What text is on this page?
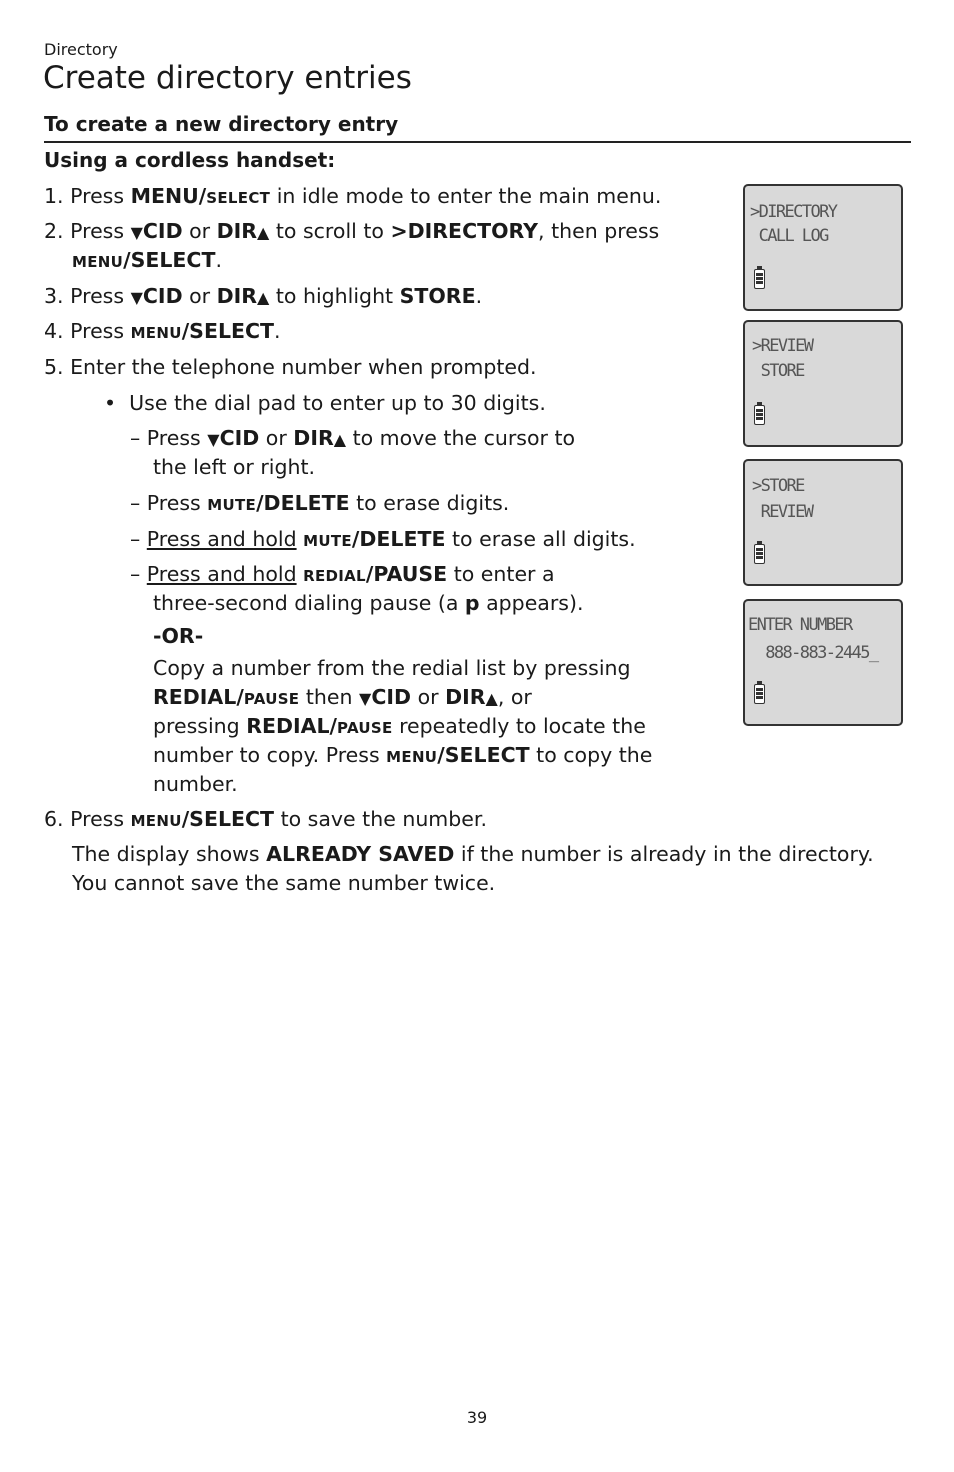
Directory
Create directory entries
To create a new directory entry
Using a cordless handset:
1. Press MENU/SELECT in idle mode to enter the main menu.
2. Press ▼CID or DIR▲ to scroll to >DIRECTORY, then press
MENU/SELECT.
3. Press ▼CID or DIR▲ to highlight STORE.
4. Press MENU/SELECT.
5. Enter the telephone number when prompted.
• Use the dial pad to enter up to 30 digits.
– Press ▼CID or DIR▲ to move the cursor to
the left or right.
– Press MUTE/DELETE to erase digits.
– Press and hold MUTE/DELETE to erase all digits.
– Press and hold REDIAL/PAUSE to enter a
three-second dialing pause (a p appears).
-OR-
Copy a number from the redial list by pressing
REDIAL/PAUSE then ▼CID or DIR▲, or
pressing REDIAL/PAUSE repeatedly to locate the
number to copy. Press MENU/SELECT to copy the
number.
6. Press MENU/SELECT to save the number.
The display shows ALREADY SAVED if the number is already in the directory.
You cannot save the same number twice.
>DIRECTORY
CALL LOG
>REVIEW
STORE
>STORE
REVIEW
ENTER NUMBER
888-883-2445_
39
